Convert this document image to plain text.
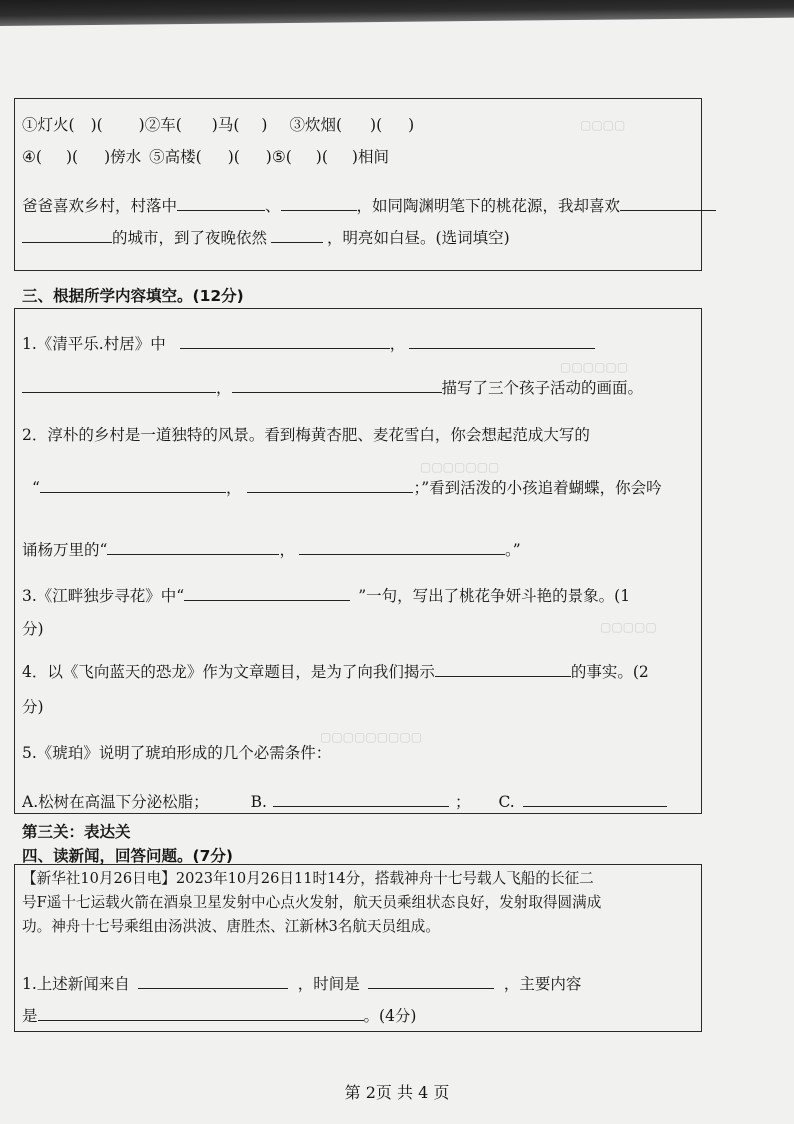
▢▢▢▢
▢▢▢▢▢▢
▢▢▢▢▢▢▢
▢▢▢▢▢
▢▢▢▢▢▢▢▢▢
①灯火( )( )②车( )马( ) ③炊烟( )( )
④( )( )傍水 ⑤高楼( )( )⑤( )( )相间
爸爸喜欢乡村，村落中	、	，如同陶渊明笔下的桃花源，我却喜欢
的城市，到了夜晚依然	，明亮如白昼。(选词填空)
三、根据所学内容填空。(12分)
1.《清平乐.村居》中	，
，	描写了三个孩子活动的画面。
2．淳朴的乡村是一道独特的风景。看到梅黄杏肥、麦花雪白，你会想起范成大写的
“	，	；”看到活泼的小孩追着蝴蝶，你会吟
诵杨万里的“	，	。”
3.《江畔独步寻花》中“	”一句，写出了桃花争妍斗艳的景象。(1
分)
4．以《飞向蓝天的恐龙》作为文章题目，是为了向我们揭示	的事实。(2
分)
5.《琥珀》说明了琥珀形成的几个必需条件：
A.松树在高温下分泌松脂；	B.	； C.
第三关：表达关
四、读新闻，回答问题。(7分)
【新华社10月26日电】2023年10月26日11时14分，搭载神舟十七号载人飞船的长征二
号F遥十七运载火箭在酒泉卫星发射中心点火发射，航天员乘组状态良好，发射取得圆满成
功。神舟十七号乘组由汤洪波、唐胜杰、江新林3名航天员组成。
1.上述新闻来自	，时间是	，主要内容
是	。(4分)
第 2页 共 4 页
